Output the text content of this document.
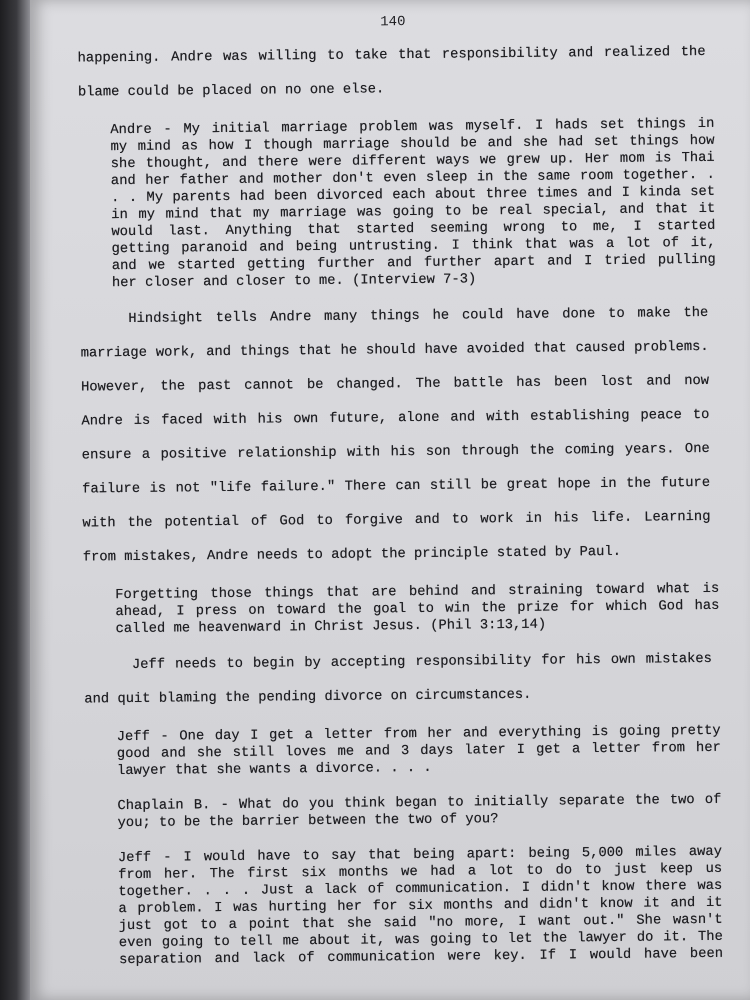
140
happening. Andre was willing to take that responsibility and realized the
blame could be placed on no one else.
Andre - My initial marriage problem was myself. I hads set things in
my mind as how I though marriage should be and she had set things how
she thought, and there were different ways we grew up. Her mom is Thai
and her father and mother don't even sleep in the same room together. .
. . My parents had been divorced each about three times and I kinda set
in my mind that my marriage was going to be real special, and that it
would last. Anything that started seeming wrong to me, I started
getting paranoid and being untrusting. I think that was a lot of it,
and we started getting further and further apart and I tried pulling
her closer and closer to me. (Interview 7-3)
Hindsight tells Andre many things he could have done to make the
marriage work, and things that he should have avoided that caused problems.
However, the past cannot be changed. The battle has been lost and now
Andre is faced with his own future, alone and with establishing peace to
ensure a positive relationship with his son through the coming years. One
failure is not "life failure." There can still be great hope in the future
with the potential of God to forgive and to work in his life. Learning
from mistakes, Andre needs to adopt the principle stated by Paul.
Forgetting those things that are behind and straining toward what is
ahead, I press on toward the goal to win the prize for which God has
called me heavenward in Christ Jesus. (Phil 3:13,14)
Jeff needs to begin by accepting responsibility for his own mistakes
and quit blaming the pending divorce on circumstances.
Jeff - One day I get a letter from her and everything is going pretty
good and she still loves me and 3 days later I get a letter from her
lawyer that she wants a divorce. . . .
Chaplain B. - What do you think began to initially separate the two of
you; to be the barrier between the two of you?
Jeff - I would have to say that being apart: being 5,000 miles away
from her. The first six months we had a lot to do to just keep us
together. . . . Just a lack of communication. I didn't know there was
a problem. I was hurting her for six months and didn't know it and it
just got to a point that she said "no more, I want out." She wasn't
even going to tell me about it, was going to let the lawyer do it. The
separation and lack of communication were key. If I would have been
